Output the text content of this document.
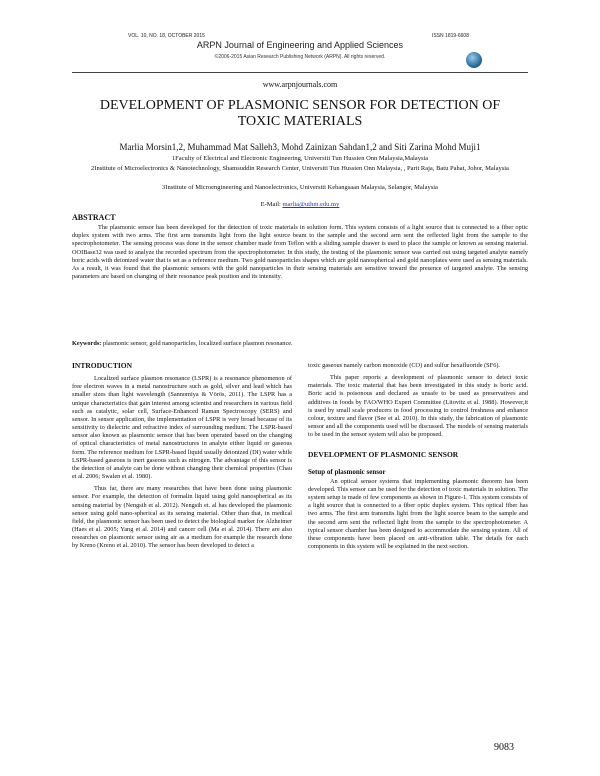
VOL. 10, NO. 18, OCTOBER 2015	ISSN 1819-6608
ARPN Journal of Engineering and Applied Sciences
©2006-2015 Asian Research Publishing Network (ARPN). All rights reserved.
www.arpnjournals.com
DEVELOPMENT OF PLASMONIC SENSOR FOR DETECTION OF TOXIC MATERIALS
Marlia Morsin1,2, Muhammad Mat Salleh3, Mohd Zainizan Sahdan1,2 and Siti Zarina Mohd Muji1
1Faculty of Electrical and Electronic Engineering, Universiti Tun Hussien Onn Malaysia,Malaysia
2Institute of Microelectronics & Nanotechnology, Shamsuddin Research Center, Universiti Tun Hussien Onn Malaysia, , Parit Raja, Batu Pahat, Johor, Malaysia
3Institute of Microengineering and Nanoelectronics, Universiti Kebangsaan Malaysia, Selangor, Malaysia
E-Mail: marlia@uthm.edu.my
ABSTRACT

The plasmonic sensor has been developed for the detection of toxic materials in solution form. This system consists of a light source that is connected to a fiber optic duplex system with two arms. The first arm transmits light from the light source beam to the sample and the second arm sent the reflected light from the sample to the spectrophotometer. The sensing process was done in the sensor chamber made from Teflon with a sliding sample drawer is used to place the sample or known as sensing material. OOIBase32 was used to analyze the recorded spectrum from the spectrophotometer. In this study, the testing of the plasmonic sensor was carried out using targeted analyte namely boric acids with deionized water that is set as a reference medium. Two gold nanoparticles shapes which are gold nanospherical and gold nanoplates were used as sensing materials. As a result, it was found that the plasmonic sensors with the gold nanoparticles in their sensing materials are sensitive toward the presence of targeted analyte. The sensing parameters are based on changing of their resonance peak position and its intensity.

Keywords: plasmonic sensor, gold nanoparticles, localized surface plasmon resonance.
INTRODUCTION

Localized surface plasmon resonance (LSPR) is a resonance phenomenon of free electron waves in a metal nanostructure such as gold, silver and lead which has smaller sizes than light wavelength (Sannomiya & Vörös, 2011). The LSPR has a unique characteristics that gain interest among scientist and researchers in various field such as catalytic, solar cell, Surface-Enhanced Raman Spectroscopy (SERS) and sensor. In sensor application, the implementation of LSPR is very broad because of its sensitivity to dielectric and refractive index of surrounding medium. The LSPR-based sensor also known as plasmonic sensor that has been operated based on the changing of optical characteristics of metal nanostructures in analyte either liquid or gaseous form. The reference medium for LSPR-based liquid usually deionized (DI) water while LSPR-based gaseous is inert gaseous such as nitrogen. The advantage of this sensor is the detection of analyte can be done without changing their chemical properties (Chau et al. 2006; Swalen et al. 1980).

Thus far, there are many researches that have been done using plasmonic sensor. For example, the detection of formalin liquid using gold nanospherical as its sensing material by (Nengsih et al. 2012). Nengsih et. al has developed the plasmonic sensor using gold nano-spherical as its sensing material. Other than that, in medical field, the plasmonic sensor has been used to detect the biological marker for Alzheimer (Haes et al. 2005; Yang et al. 2014) and cancer cell (Ma et al. 2014). There are also researches on plasmonic sensor using air as a medium for example the research done by Kreno (Kreno et al. 2010). The sensor has been developed to detect a

toxic gaseous namely carbon monoxide (CO) and sulfur hexafluoride (SF6).

This paper reports a development of plasmonic sensor to detect toxic materials. The toxic material that has been investigated in this study is boric acid. Boric acid is poisonous and declared as unsafe to be used as preservatives and additives in foods by FAO/WHO Expert Committee (Litovitz et al. 1988). However,it is used by small scale producers in food processing to control freshness and enhance colour, texture and flavor (See et al. 2010). In this study, the fabrication of plasmonic sensor and all the components used will be discussed. The models of sensing materials to be used in the sensor system will also be proposed.

DEVELOPMENT OF PLASMONIC SENSOR
Setup of plasmonic sensor

An optical sensor systems that implementing plasmonic theorem has been developed. This sensor can be used for the detection of toxic materials in solution. The system setup is made of few components as shown in Figure-1. This system consists of a light source that is connected to a fiber optic duplex system. This optical fiber has two arms. The first arm transmits light from the light source beam to the sample and the second arm sent the reflected light from the sample to the spectrophotometer. A typical sensor chamber has been designed to accommodate the sensing system. All of these components have been placed on anti-vibration table. The details for each components in this system will be explained in the next section.

9083
